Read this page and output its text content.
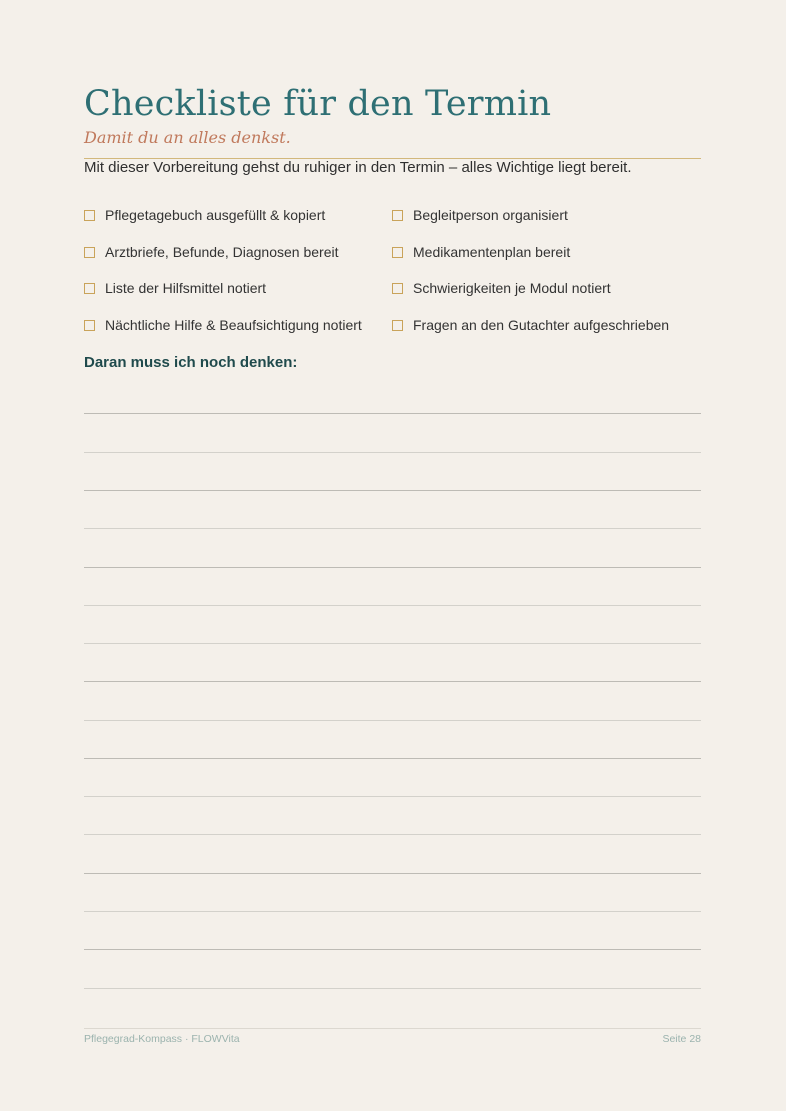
Checkliste für den Termin
Damit du an alles denkst.
Mit dieser Vorbereitung gehst du ruhiger in den Termin – alles Wichtige liegt bereit.
Pflegetagebuch ausgefüllt & kopiert
Arztbriefe, Befunde, Diagnosen bereit
Liste der Hilfsmittel notiert
Nächtliche Hilfe & Beaufsichtigung notiert
Begleitperson organisiert
Medikamentenplan bereit
Schwierigkeiten je Modul notiert
Fragen an den Gutachter aufgeschrieben
Daran muss ich noch denken:
Pflegegrad-Kompass · FLOWVita	Seite 28
